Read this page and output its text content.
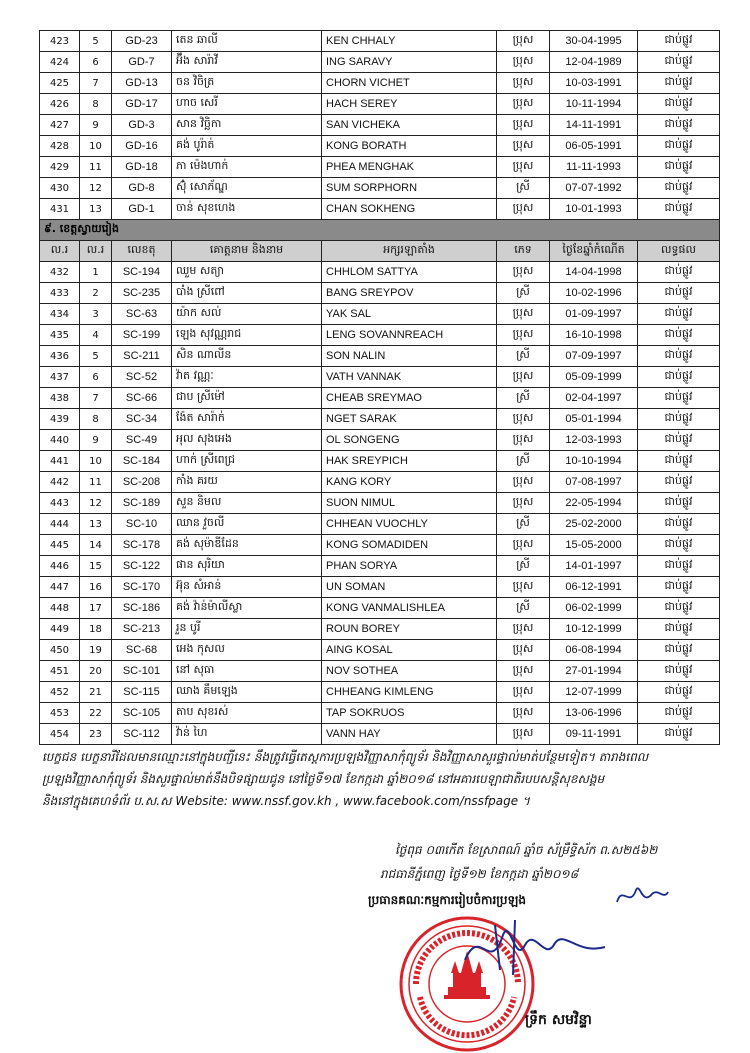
423	5	GD-23	តេន ឆាលី	KEN CHHALY	ប្រុស	30-04-1995	ជាប់ផ្លូវ
424	6	GD-7	អ៊ឹង សារ៉ាវី	ING SARAVY	ប្រុស	12-04-1989	ជាប់ផ្លូវ
425	7	GD-13	ចន វិចិត្រ	CHORN VICHET	ប្រុស	10-03-1991	ជាប់ផ្លូវ
426	8	GD-17	ហាច សេរី	HACH SEREY	ប្រុស	10-11-1994	ជាប់ផ្លូវ
427	9	GD-3	សាន វិច្ឆិកា	SAN VICHEKA	ប្រុស	14-11-1991	ជាប់ផ្លូវ
428	10	GD-16	គង់ បូរ៉ាត់	KONG BORATH	ប្រុស	06-05-1991	ជាប់ផ្លូវ
429	11	GD-18	ភា ម៉េងហាក់	PHEA MENGHAK	ប្រុស	11-11-1993	ជាប់ផ្លូវ
430	12	GD-8	ស៊ុំ សោភ័ណ្ឌ	SUM SORPHORN	ស្រី	07-07-1992	ជាប់ផ្លូវ
431	13	GD-1	ចាន់ សុខហេង	CHAN SOKHENG	ប្រុស	10-01-1993	ជាប់ផ្លូវ
៩. ខេត្តស្វាយរៀង							
ល.រ	ល.រ	លេខតុ	គោត្តនាម និងនាម	អក្សរឡាតាំង	ភេទ	ថ្ងៃខែឆ្នាំកំណើត	លទ្ធផល
432	1	SC-194	ឈួម សត្យា	CHHLOM SATTYA	ប្រុស	14-04-1998	ជាប់ផ្លូវ
433	2	SC-235	បាំង ស្រីពៅ	BANG SREYPOV	ស្រី	10-02-1996	ជាប់ផ្លូវ
434	3	SC-63	យ៉ាក សល់	YAK SAL	ប្រុស	01-09-1997	ជាប់ផ្លូវ
435	4	SC-199	ឡេង សុវណ្ណរាជ	LENG SOVANNREACH	ប្រុស	16-10-1998	ជាប់ផ្លូវ
436	5	SC-211	សិន ណាលីន	SON NALIN	ស្រី	07-09-1997	ជាប់ផ្លូវ
437	6	SC-52	វ៉ាត វណ្ណៈ	VATH VANNAK	ប្រុស	05-09-1999	ជាប់ផ្លូវ
438	7	SC-66	ជាប ស្រីម៉ៅ	CHEAB SREYMAO	ស្រី	02-04-1997	ជាប់ផ្លូវ
439	8	SC-34	ង៉ែត សារ៉ាក់	NGET SARAK	ប្រុស	05-01-1994	ជាប់ផ្លូវ
440	9	SC-49	អុល សុងអេង	OL SONGENG	ប្រុស	12-03-1993	ជាប់ផ្លូវ
441	10	SC-184	ហាក់ ស្រីពេជ្រ	HAK SREYPICH	ស្រី	10-10-1994	ជាប់ផ្លូវ
442	11	SC-208	កាំង គរយ	KANG KORY	ប្រុស	07-08-1997	ជាប់ផ្លូវ
443	12	SC-189	សួន និមល	SUON NIMUL	ប្រុស	22-05-1994	ជាប់ផ្លូវ
444	13	SC-10	ឈាន វួចលី	CHHEAN VUOCHLY	ស្រី	25-02-2000	ជាប់ផ្លូវ
445	14	SC-178	គង់ សុម៉ាឌីដែន	KONG SOMADIDEN	ប្រុស	15-05-2000	ជាប់ផ្លូវ
446	15	SC-122	ផាន សុរិយា	PHAN SORYA	ស្រី	14-01-1997	ជាប់ផ្លូវ
447	16	SC-170	អ៊ុន សំអាន់	UN SOMAN	ប្រុស	06-12-1991	ជាប់ផ្លូវ
448	17	SC-186	គង់ វ៉ាន់ម៉ាលីស្លា	KONG VANMALISHLEA	ស្រី	06-02-1999	ជាប់ផ្លូវ
449	18	SC-213	រួន បូរី	ROUN BOREY	ប្រុស	10-12-1999	ជាប់ផ្លូវ
450	19	SC-68	អេង កុសល	AING KOSAL	ប្រុស	06-08-1994	ជាប់ផ្លូវ
451	20	SC-101	នៅ សុធា	NOV SOTHEA	ប្រុស	27-01-1994	ជាប់ផ្លូវ
452	21	SC-115	ឈាង គឹមឡេង	CHHEANG KIMLENG	ប្រុស	12-07-1999	ជាប់ផ្លូវ
453	22	SC-105	តាប សុខរស់	TAP SOKRUOS	ប្រុស	13-06-1996	ជាប់ផ្លូវ
454	23	SC-112	វ៉ាន់ ហៃ	VANN HAY	ប្រុស	09-11-1991	ជាប់ផ្លូវ
បេក្ខជន បេក្ខនារីដែលមានឈ្មោះនៅក្នុងបញ្ជីនេះ នឹងត្រូវធ្វើតេស្តការប្រឡងវិញ្ញាសាកុំព្យូទ័រ និងវិញ្ញាសាសួរផ្ទាល់មាត់បន្ថែមទៀត។ តារាងពេល
ប្រឡងវិញ្ញាសាកុំព្យូទ័រ និងសួរផ្ទាល់មាត់នឹងបិទផ្សាយជូន នៅថ្ងៃទី១៧ ខែកក្កដា ឆ្នាំ២០១៨ នៅអគារបេឡាជាតិរបបសន្តិសុខសង្គម
និងនៅក្នុងគេហទំព័រ ប.ស.ស Website: www.nssf.gov.kh , www.facebook.com/nssfpage ។
ថ្ងៃពុធ ០៣កើត ខែស្រាពណ៍ ឆ្នាំច ស័ម្រឹទ្ធិស័ក ព.ស២៥៦២
រាជធានីភ្នំពេញ ថ្ងៃទី១២ ខែកក្កដា ឆ្នាំ២០១៨
ប្រធានគណៈកម្មការរៀបចំការប្រឡង
ទ្រឹក សមវិន្ទា
